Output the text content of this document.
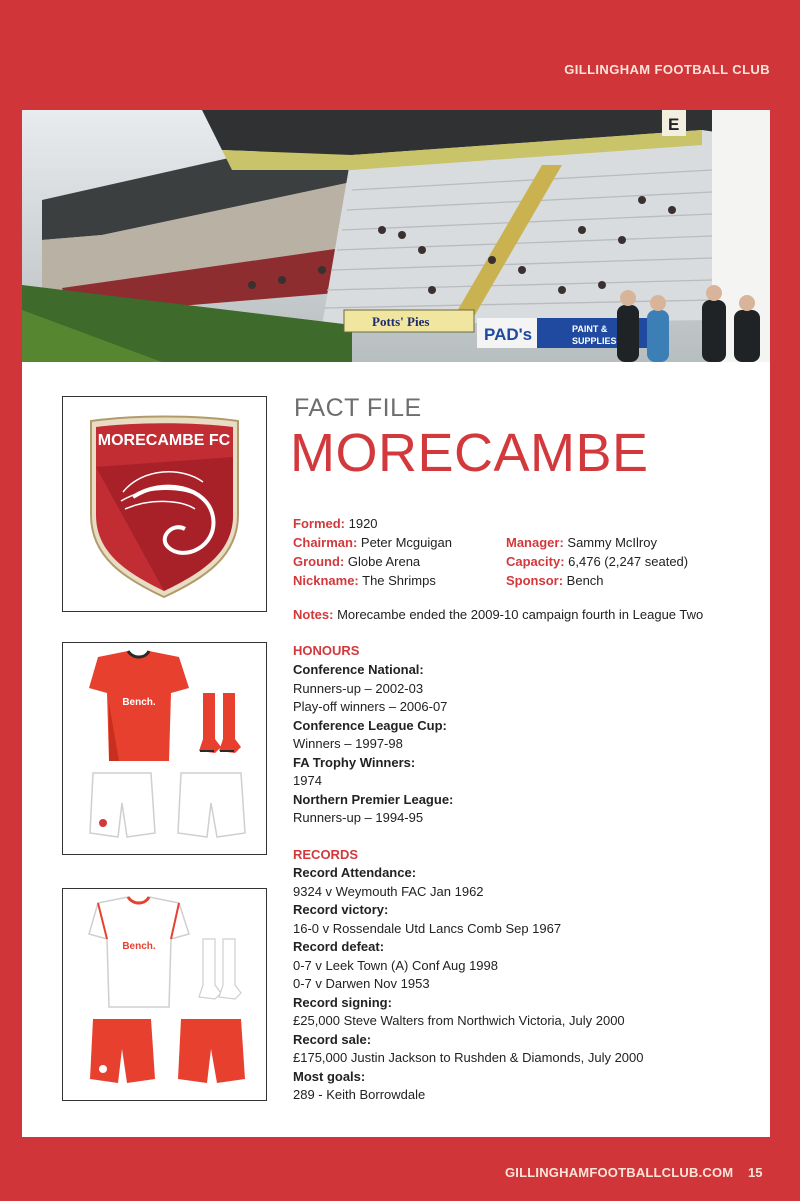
GILLINGHAM FOOTBALL CLUB
E
Potts' Pies
PAD's	PAINT &
SUPPLIES
MORECAMBE FC
FACT FILE
MORECAMBE
Formed: 1920
Chairman: Peter Mcguigan
Ground: Globe Arena
Nickname: The Shrimps
Manager: Sammy McIlroy
Capacity: 6,476 (2,247 seated)
Sponsor: Bench
Notes: Morecambe ended the 2009-10 campaign fourth in League Two
Bench.
Bench.
HONOURS
Conference National:
Runners-up – 2002-03
Play-off winners – 2006-07
Conference League Cup:
Winners – 1997-98
FA Trophy Winners:
1974
Northern Premier League:
Runners-up – 1994-95
RECORDS
Record Attendance:
9324 v Weymouth FAC Jan 1962
Record victory:
16-0 v Rossendale Utd Lancs Comb Sep 1967
Record defeat:
0-7 v Leek Town (A) Conf Aug 1998
0-7 v Darwen Nov 1953
Record signing:
£25,000 Steve Walters from Northwich Victoria, July 2000
Record sale:
£175,000 Justin Jackson to Rushden & Diamonds, July 2000
Most goals:
289 - Keith Borrowdale
GILLINGHAMFOOTBALLCLUB.COM 15
